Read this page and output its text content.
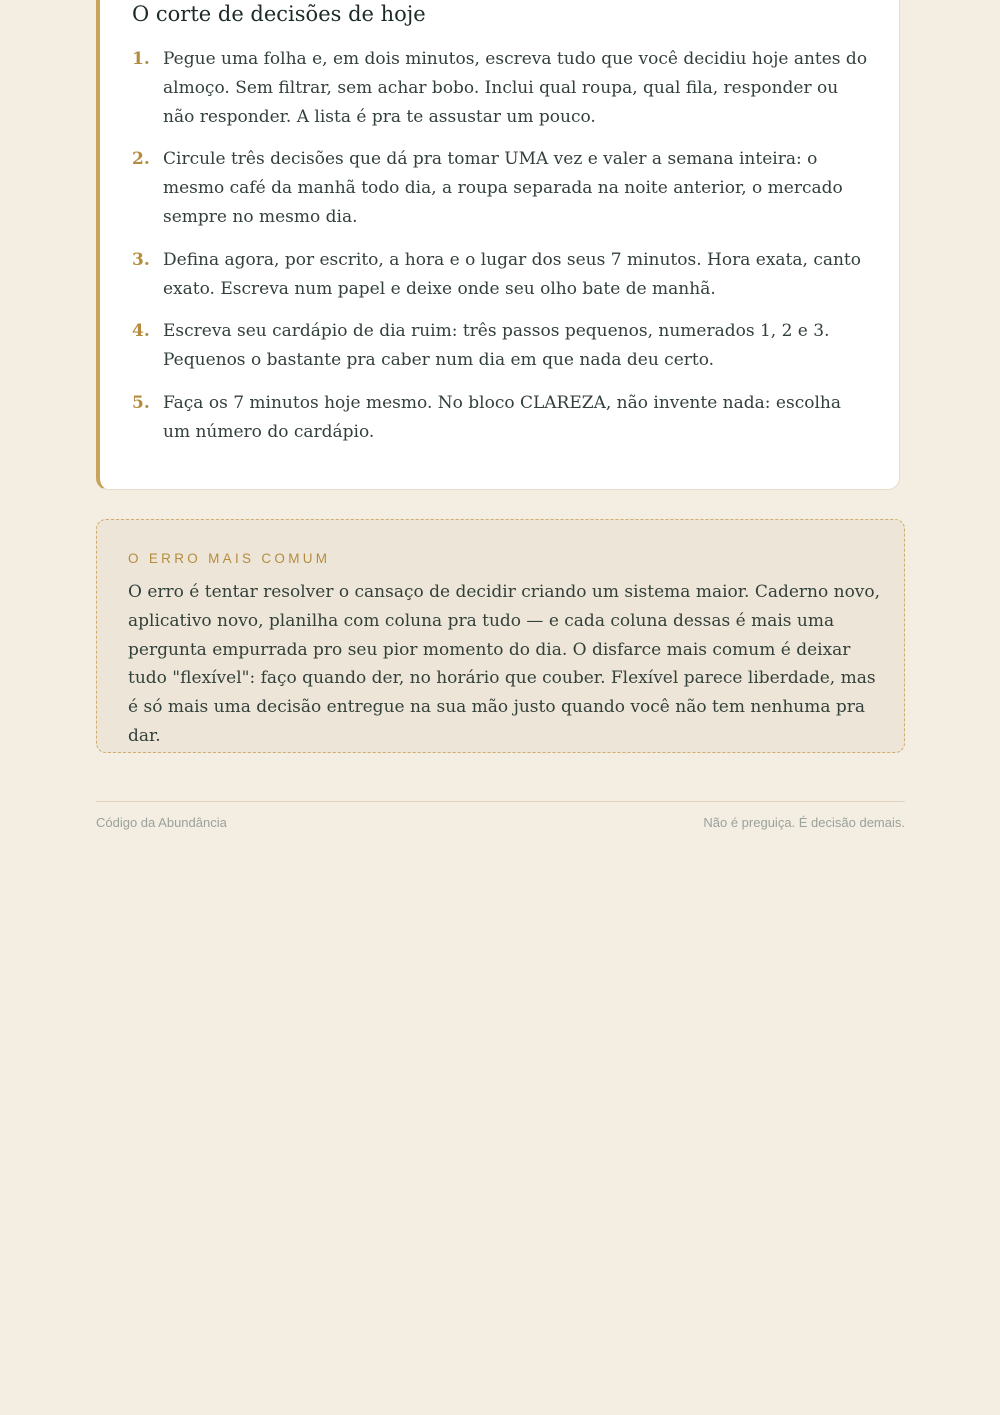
O corte de decisões de hoje
1. Pegue uma folha e, em dois minutos, escreva tudo que você decidiu hoje antes do almoço. Sem filtrar, sem achar bobo. Inclui qual roupa, qual fila, responder ou não responder. A lista é pra te assustar um pouco.
2. Circule três decisões que dá pra tomar UMA vez e valer a semana inteira: o mesmo café da manhã todo dia, a roupa separada na noite anterior, o mercado sempre no mesmo dia.
3. Defina agora, por escrito, a hora e o lugar dos seus 7 minutos. Hora exata, canto exato. Escreva num papel e deixe onde seu olho bate de manhã.
4. Escreva seu cardápio de dia ruim: três passos pequenos, numerados 1, 2 e 3. Pequenos o bastante pra caber num dia em que nada deu certo.
5. Faça os 7 minutos hoje mesmo. No bloco CLAREZA, não invente nada: escolha um número do cardápio.

O ERRO MAIS COMUM

O erro é tentar resolver o cansaço de decidir criando um sistema maior. Caderno novo, aplicativo novo, planilha com coluna pra tudo — e cada coluna dessas é mais uma pergunta empurrada pro seu pior momento do dia. O disfarce mais comum é deixar tudo "flexível": faço quando der, no horário que couber. Flexível parece liberdade, mas é só mais uma decisão entregue na sua mão justo quando você não tem nenhuma pra dar.

Código da Abundância	Não é preguiça. É decisão demais.
